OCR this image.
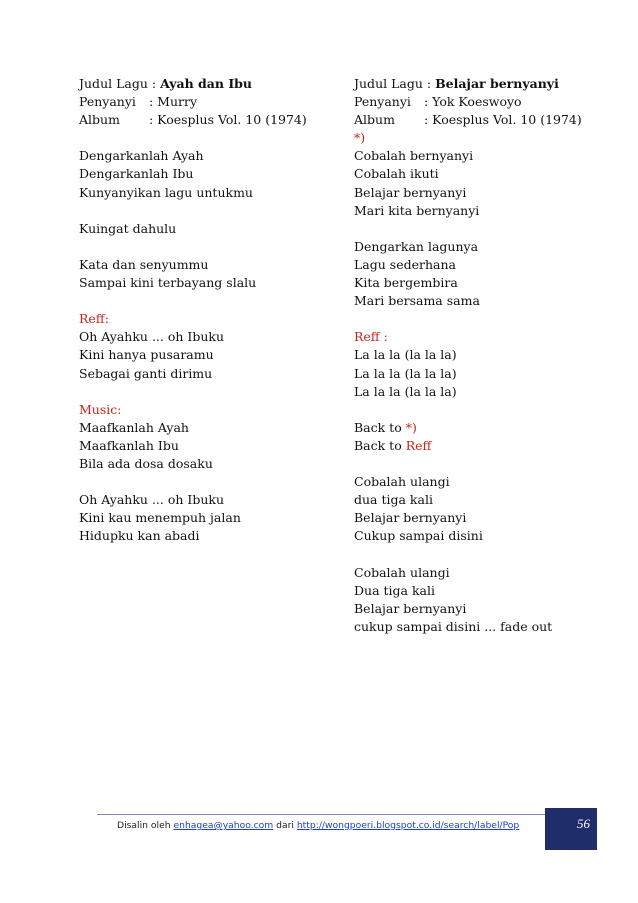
Judul Lagu : Ayah dan Ibu
Penyanyi : Murry
Album : Koesplus Vol. 10 (1974)
Dengarkanlah Ayah
Dengarkanlah Ibu
Kunyanyikan lagu untukmu
Kuingat dahulu
Kata dan senyummu
Sampai kini terbayang slalu
Reff:
Oh Ayahku ... oh Ibuku
Kini hanya pusaramu
Sebagai ganti dirimu
Music:
Maafkanlah Ayah
Maafkanlah Ibu
Bila ada dosa dosaku
Oh Ayahku ... oh Ibuku
Kini kau menempuh jalan
Hidupku kan abadi
Judul Lagu : Belajar bernyanyi
Penyanyi : Yok Koeswoyo
Album : Koesplus Vol. 10 (1974)
*)
Cobalah bernyanyi
Cobalah ikuti
Belajar bernyanyi
Mari kita bernyanyi
Dengarkan lagunya
Lagu sederhana
Kita bergembira
Mari bersama sama
Reff :
La la la (la la la)
La la la (la la la)
La la la (la la la)
Back to *)
Back to Reff
Cobalah ulangi
dua tiga kali
Belajar bernyanyi
Cukup sampai disini
Cobalah ulangi
Dua tiga kali
Belajar bernyanyi
cukup sampai disini ... fade out
Disalin oleh enhagea@yahoo.com dari http://wongpoeri.blogspot.co.id/search/label/Pop	56
